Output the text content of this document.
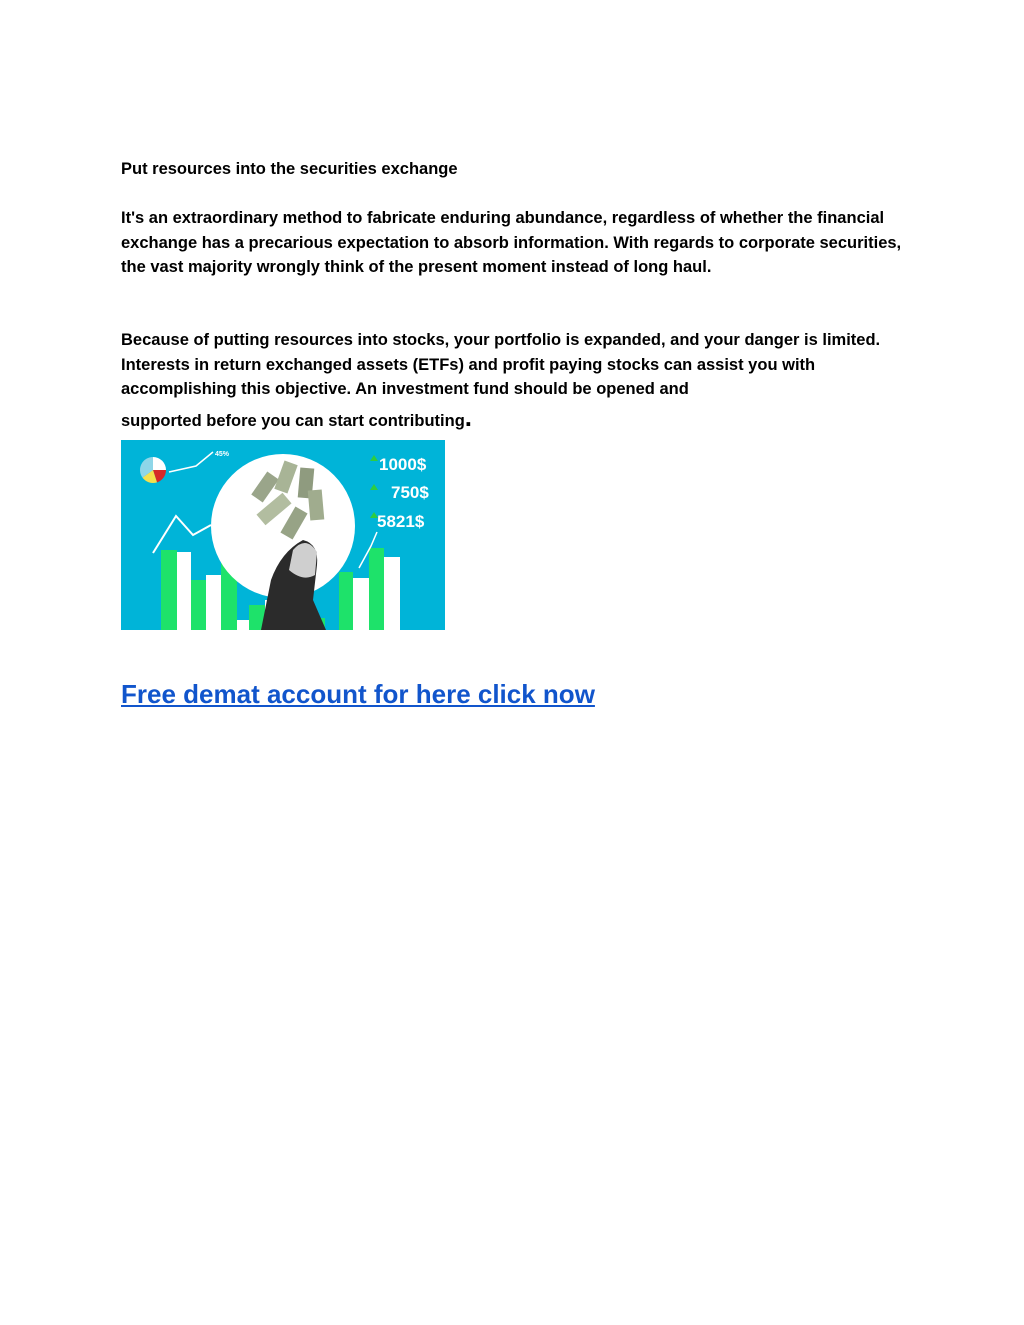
Put resources into the securities exchange

It's an extraordinary method to fabricate enduring abundance, regardless of whether the financial exchange has a precarious expectation to absorb information. With regards to corporate securities, the vast majority wrongly think of the present moment instead of long haul.

Because of putting resources into stocks, your portfolio is expanded, and your danger is limited. Interests in return exchanged assets (ETFs) and profit paying stocks can assist you with accomplishing this objective. An investment fund should be opened and
supported before you can start contributing.

45%
1000$
750$
5821$
Free demat account for here click now
